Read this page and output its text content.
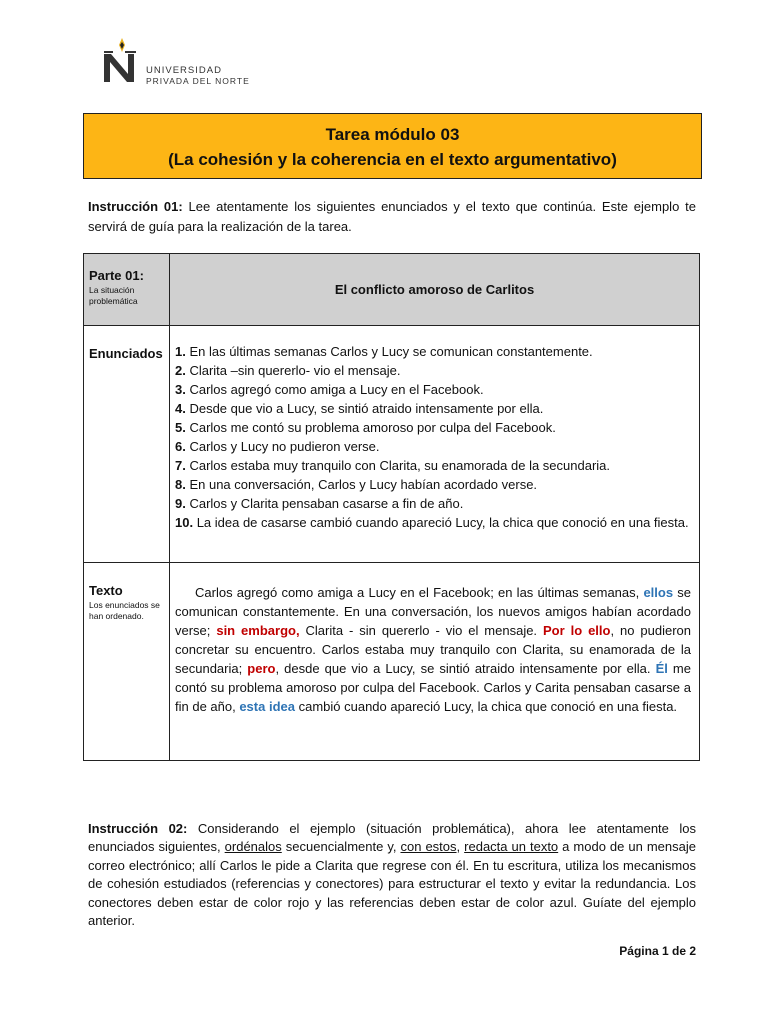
UNIVERSIDAD
PRIVADA DEL NORTE
Tarea módulo 03
(La cohesión y la coherencia en el texto argumentativo)
Instrucción 01: Lee atentamente los siguientes enunciados y el texto que continúa. Este ejemplo te servirá de guía para la realización de la tarea.
Parte 01:
La situación problemática
El conflicto amoroso de Carlitos
Enunciados 1. En las últimas semanas Carlos y Lucy se comunican constantemente.
2. Clarita –sin quererlo- vio el mensaje.
3. Carlos agregó como amiga a Lucy en el Facebook.
4. Desde que vio a Lucy, se sintió atraido intensamente por ella.
5. Carlos me contó su problema amoroso por culpa del Facebook.
6. Carlos y Lucy no pudieron verse.
7. Carlos estaba muy tranquilo con Clarita, su enamorada de la secundaria.
8. En una conversación, Carlos y Lucy habían acordado verse.
9. Carlos y Clarita pensaban casarse a fin de año.
10. La idea de casarse cambió cuando apareció Lucy, la chica que conoció en una fiesta.
Texto
Los enunciados se han ordenado.
Carlos agregó como amiga a Lucy en el Facebook; en las últimas semanas, ellos se comunican constantemente. En una conversación, los nuevos amigos habían acordado verse; sin embargo, Clarita - sin quererlo - vio el mensaje. Por lo ello, no pudieron concretar su encuentro. Carlos estaba muy tranquilo con Clarita, su enamorada de la secundaria; pero, desde que vio a Lucy, se sintió atraido intensamente por ella. Él me contó su problema amoroso por culpa del Facebook. Carlos y Carita pensaban casarse a fin de año, esta idea cambió cuando apareció Lucy, la chica que conoció en una fiesta.
Instrucción 02: Considerando el ejemplo (situación problemática), ahora lee atentamente los enunciados siguientes, ordénalos secuencialmente y, con estos, redacta un texto a modo de un mensaje correo electrónico; allí Carlos le pide a Clarita que regrese con él. En tu escritura, utiliza los mecanismos de cohesión estudiados (referencias y conectores) para estructurar el texto y evitar la redundancia. Los conectores deben estar de color rojo y las referencias deben estar de color azul. Guíate del ejemplo anterior.
Página 1 de 2
